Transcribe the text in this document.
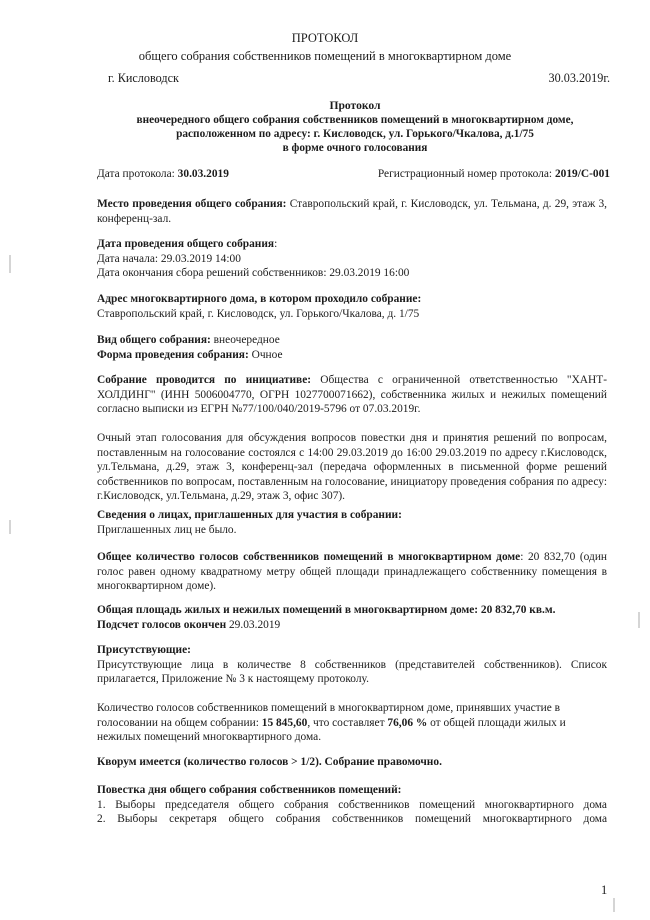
ПРОТОКОЛ
общего собрания собственников помещений в многоквартирном доме
г. Кисловодск	30.03.2019г.
Протокол
внеочередного общего собрания собственников помещений в многоквартирном доме,
расположенном по адресу: г. Кисловодск, ул. Горького/Чкалова, д.1/75
в форме очного голосования
Дата протокола: 30.03.2019	Регистрационный номер протокола: 2019/С-001
Место проведения общего собрания: Ставропольский край, г. Кисловодск, ул. Тельмана, д. 29, этаж 3, конференц-зал.
Дата проведения общего собрания:
Дата начала: 29.03.2019 14:00
Дата окончания сбора решений собственников: 29.03.2019 16:00
Адрес многоквартирного дома, в котором проходило собрание:
Ставропольский край, г. Кисловодск, ул. Горького/Чкалова, д. 1/75
Вид общего собрания: внеочередное
Форма проведения собрания: Очное
Собрание проводится по инициативе: Общества с ограниченной ответственностью "ХАНТ-ХОЛДИНГ" (ИНН 5006004770, ОГРН 1027700071662), собственника жилых и нежилых помещений согласно выписки из ЕГРН №77/100/040/2019-5796 от 07.03.2019г.
Очный этап голосования для обсуждения вопросов повестки дня и принятия решений по вопросам, поставленным на голосование состоялся с 14:00 29.03.2019 до 16:00 29.03.2019 по адресу г.Кисловодск, ул.Тельмана, д.29, этаж 3, конференц-зал (передача оформленных в письменной форме решений собственников по вопросам, поставленным на голосование, инициатору проведения собрания по адресу: г.Кисловодск, ул.Тельмана, д.29, этаж 3, офис 307).
Сведения о лицах, приглашенных для участия в собрании:
Приглашенных лиц не было.
Общее количество голосов собственников помещений в многоквартирном доме: 20 832,70 (один голос равен одному квадратному метру общей площади принадлежащего собственнику помещения в многоквартирном доме).
Общая площадь жилых и нежилых помещений в многоквартирном доме: 20 832,70 кв.м.
Подсчет голосов окончен 29.03.2019
Присутствующие:
Присутствующие лица в количестве 8 собственников (представителей собственников). Список прилагается, Приложение № 3 к настоящему протоколу.
Количество голосов собственников помещений в многоквартирном доме, принявших участие в голосовании на общем собрании: 15 845,60, что составляет 76,06 % от общей площади жилых и нежилых помещений многоквартирного дома.
Кворум имеется (количество голосов > 1/2). Собрание правомочно.
Повестка дня общего собрания собственников помещений:
1. Выборы председателя общего собрания собственников помещений многоквартирного дома
2. Выборы секретаря общего собрания собственников помещений многоквартирного дома
1
